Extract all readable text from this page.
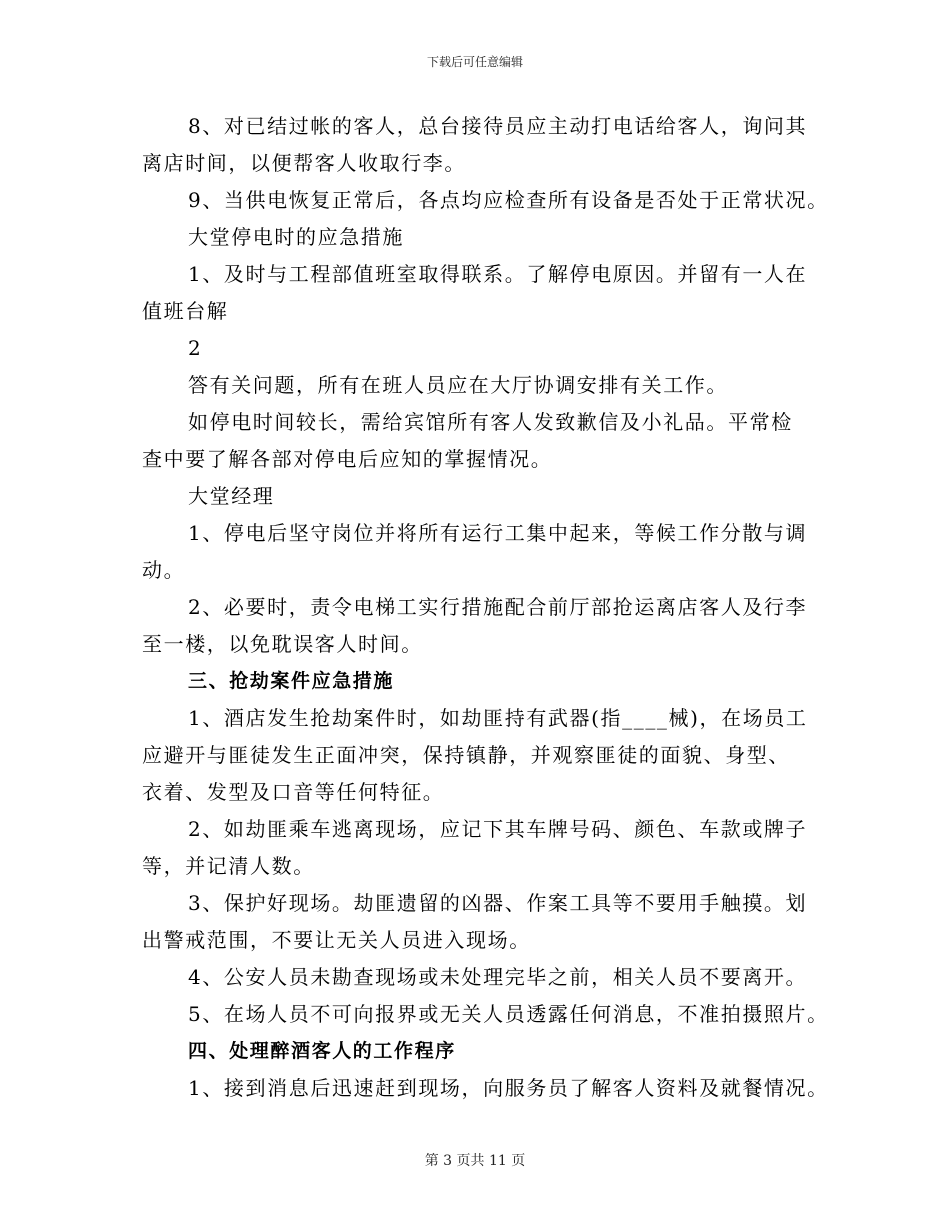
下载后可任意编辑
8、对已结过帐的客人，总台接待员应主动打电话给客人，询问其
离店时间，以便帮客人收取行李。
9、当供电恢复正常后，各点均应检查所有设备是否处于正常状况。
大堂停电时的应急措施
1、及时与工程部值班室取得联系。了解停电原因。并留有一人在
值班台解
2
答有关问题，所有在班人员应在大厅协调安排有关工作。
如停电时间较长，需给宾馆所有客人发致歉信及小礼品。平常检
查中要了解各部对停电后应知的掌握情况。
大堂经理
1、停电后坚守岗位并将所有运行工集中起来，等候工作分散与调
动。
2、必要时，责令电梯工实行措施配合前厅部抢运离店客人及行李
至一楼，以免耽误客人时间。
三、抢劫案件应急措施
1、酒店发生抢劫案件时，如劫匪持有武器(指____械)，在场员工
应避开与匪徒发生正面冲突，保持镇静，并观察匪徒的面貌、身型、
衣着、发型及口音等任何特征。
2、如劫匪乘车逃离现场，应记下其车牌号码、颜色、车款或牌子
等，并记清人数。
3、保护好现场。劫匪遗留的凶器、作案工具等不要用手触摸。划
出警戒范围，不要让无关人员进入现场。
4、公安人员未勘查现场或未处理完毕之前，相关人员不要离开。
5、在场人员不可向报界或无关人员透露任何消息，不准拍摄照片。
四、处理醉酒客人的工作程序
1、接到消息后迅速赶到现场，向服务员了解客人资料及就餐情况。
第 3 页共 11 页
